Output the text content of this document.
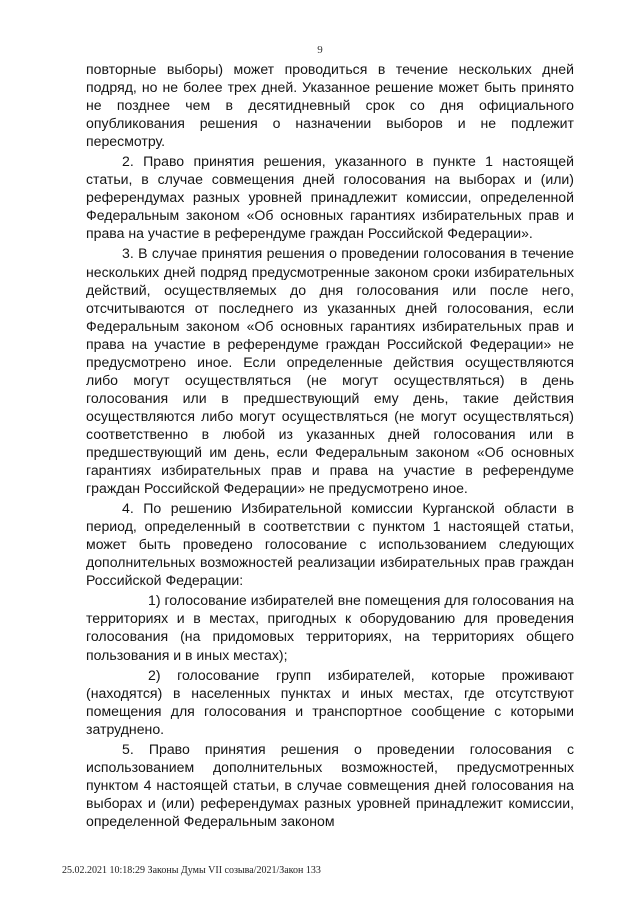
9

повторные выборы) может проводиться в течение нескольких дней подряд, но не более трех дней. Указанное решение может быть принято не позднее чем в десятидневный срок со дня официального опубликования решения о назначении выборов и не подлежит пересмотру.

2. Право принятия решения, указанного в пункте 1 настоящей статьи, в случае совмещения дней голосования на выборах и (или) референдумах разных уровней принадлежит комиссии, определенной Федеральным законом «Об основных гарантиях избирательных прав и права на участие в референдуме граждан Российской Федерации».

3. В случае принятия решения о проведении голосования в течение нескольких дней подряд предусмотренные законом сроки избирательных действий, осуществляемых до дня голосования или после него, отсчитываются от последнего из указанных дней голосования, если Федеральным законом «Об основных гарантиях избирательных прав и права на участие в референдуме граждан Российской Федерации» не предусмотрено иное. Если определенные действия осуществляются либо могут осуществляться (не могут осуществляться) в день голосования или в предшествующий ему день, такие действия осуществляются либо могут осуществляться (не могут осуществляться) соответственно в любой из указанных дней голосования или в предшествующий им день, если Федеральным законом «Об основных гарантиях избирательных прав и права на участие в референдуме граждан Российской Федерации» не предусмотрено иное.

4. По решению Избирательной комиссии Курганской области в период, определенный в соответствии с пунктом 1 настоящей статьи, может быть проведено голосование с использованием следующих дополнительных возможностей реализации избирательных прав граждан Российской Федерации:

1) голосование избирателей вне помещения для голосования на территориях и в местах, пригодных к оборудованию для проведения голосования (на придомовых территориях, на территориях общего пользования и в иных местах);

2) голосование групп избирателей, которые проживают (находятся) в населенных пунктах и иных местах, где отсутствуют помещения для голосования и транспортное сообщение с которыми затруднено.

5. Право принятия решения о проведении голосования с использованием дополнительных возможностей, предусмотренных пунктом 4 настоящей статьи, в случае совмещения дней голосования на выборах и (или) референдумах разных уровней принадлежит комиссии, определенной Федеральным законом

25.02.2021 10:18:29 Законы Думы VII созыва/2021/Закон 133
